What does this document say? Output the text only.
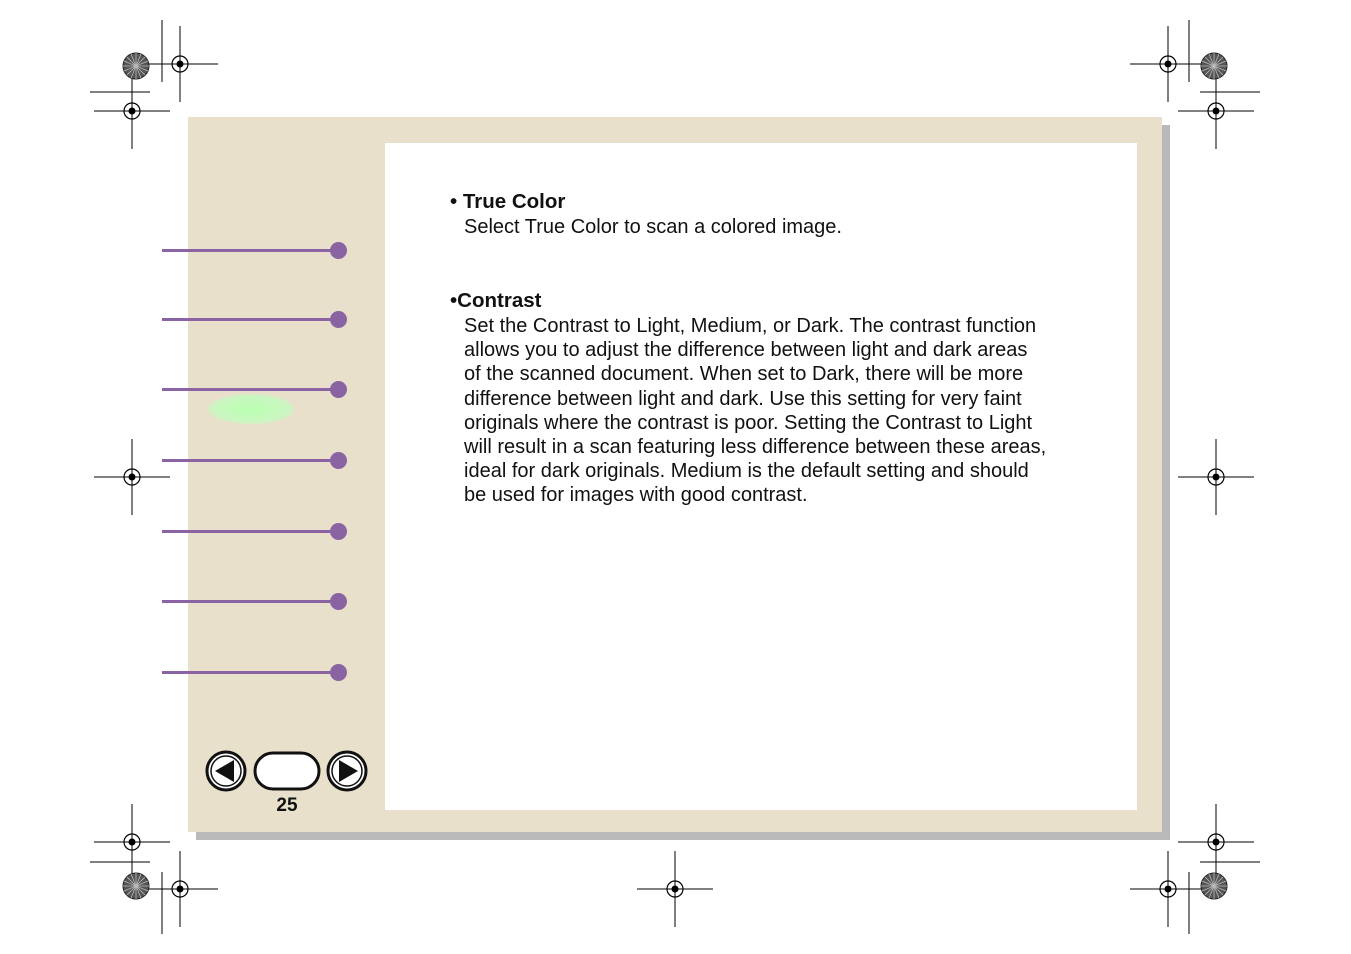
25
• True Color
Select True Color to scan a colored image.
•Contrast
Set the Contrast to Light, Medium, or Dark. The contrast function
allows you to adjust the difference between light and dark areas
of the scanned document. When set to Dark, there will be more
difference between light and dark. Use this setting for very faint
originals where the contrast is poor. Setting the Contrast to Light
will result in a scan featuring less difference between these areas,
ideal for dark originals. Medium is the default setting and should
be used for images with good contrast.
